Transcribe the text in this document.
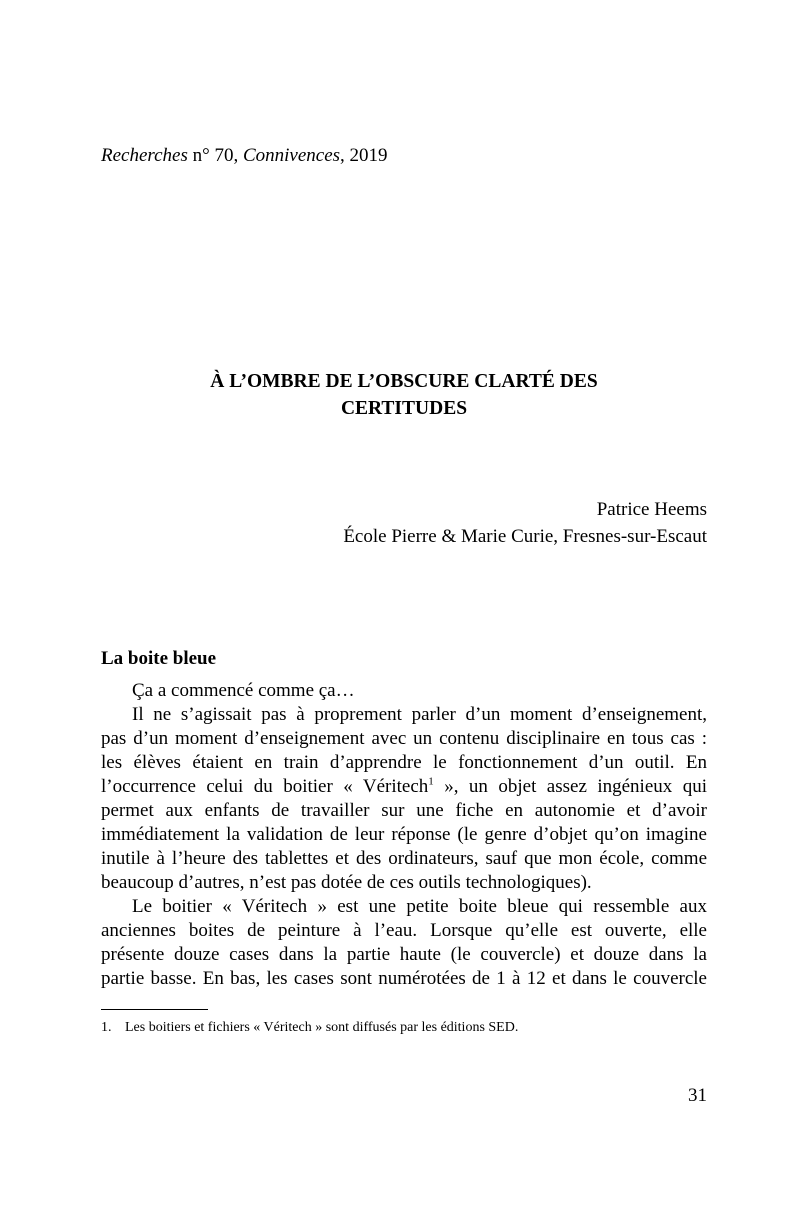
Recherches n° 70, Connivences, 2019
À L’OMBRE DE L’OBSCURE CLARTÉ DES
CERTITUDES
Patrice Heems
École Pierre & Marie Curie, Fresnes-sur-Escaut
La boite bleue
Ça a commencé comme ça…
Il ne s’agissait pas à proprement parler d’un moment d’enseignement,
pas d’un moment d’enseignement avec un contenu disciplinaire en tous cas :
les élèves étaient en train d’apprendre le fonctionnement d’un outil. En
l’occurrence celui du boitier « Véritech$^1$ », un objet assez ingénieux qui
permet aux enfants de travailler sur une fiche en autonomie et d’avoir
immédiatement la validation de leur réponse (le genre d’objet qu’on imagine
inutile à l’heure des tablettes et des ordinateurs, sauf que mon école, comme
beaucoup d’autres, n’est pas dotée de ces outils technologiques).
Le boitier « Véritech » est une petite boite bleue qui ressemble aux
anciennes boites de peinture à l’eau. Lorsque qu’elle est ouverte, elle
présente douze cases dans la partie haute (le couvercle) et douze dans la
partie basse. En bas, les cases sont numérotées de 1 à 12 et dans le couvercle
1. Les boitiers et fichiers « Véritech » sont diffusés par les éditions SED.
31
